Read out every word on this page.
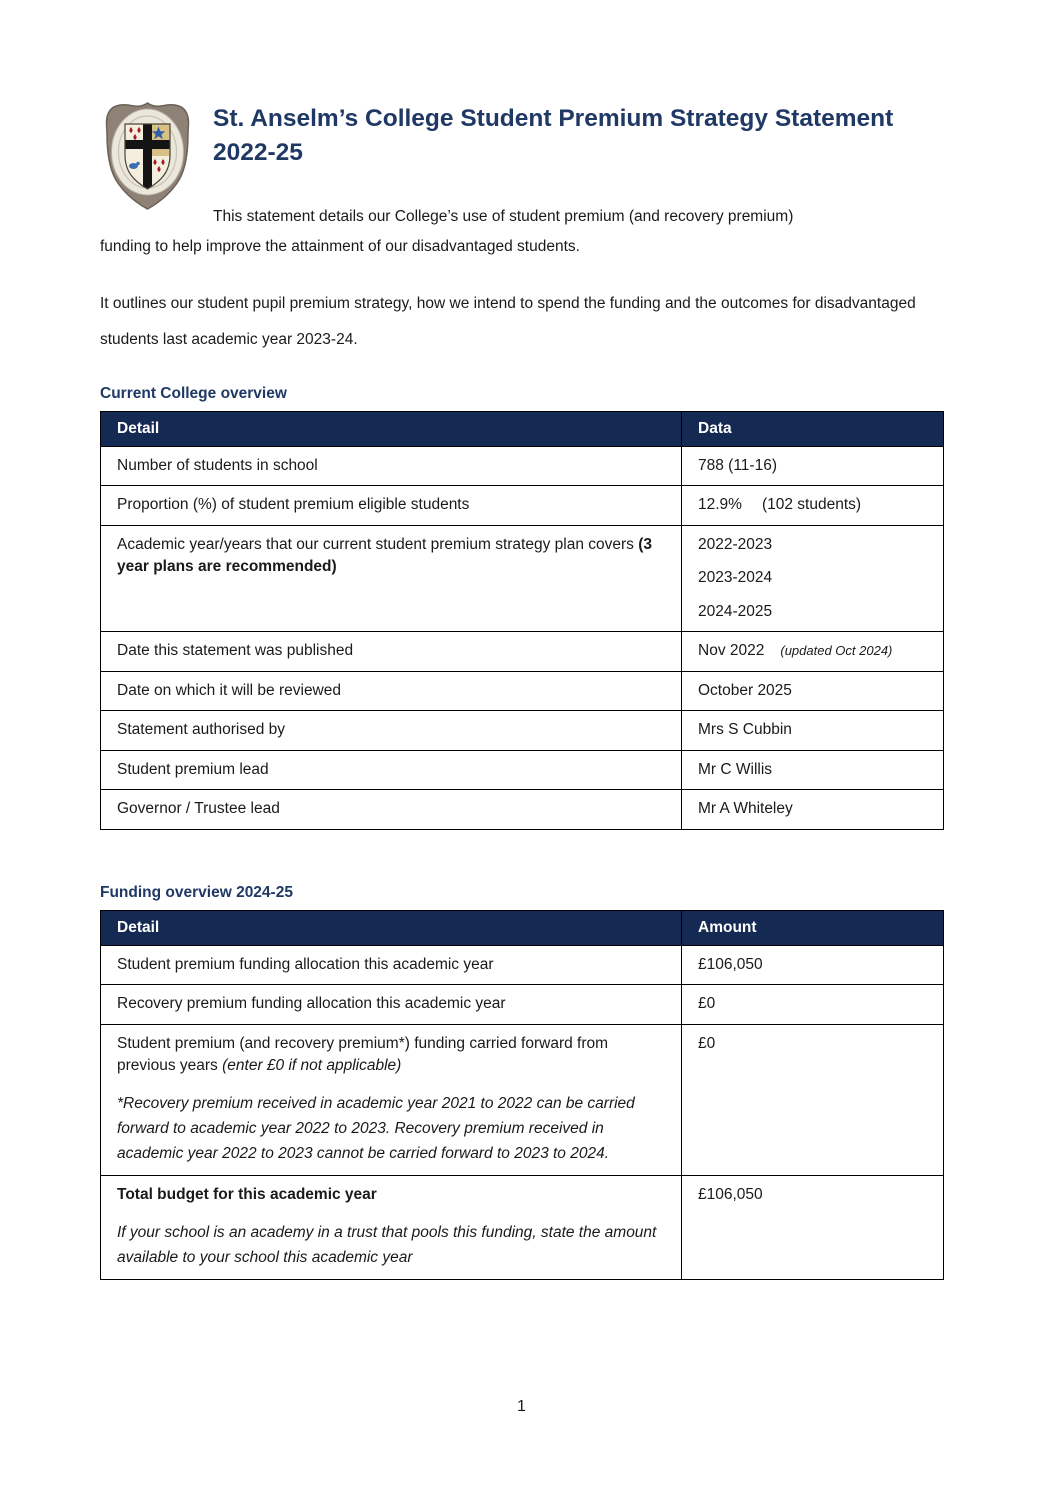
St. Anselm’s College Student Premium Strategy Statement
2022-25

This statement details our College’s use of student premium (and recovery premium)
funding to help improve the attainment of our disadvantaged students.

It outlines our student pupil premium strategy, how we intend to spend the funding and the outcomes for disadvantaged students last academic year 2023-24.

Current College overview
Detail	Data
Number of students in school	788 (11-16)
Proportion (%) of student premium eligible students	12.9% (102 students)
Academic year/years that our current student premium strategy plan covers (3 year plans are recommended)	2022-2023
2023-2024
2024-2025

Date this statement was published	Nov 2022 (updated Oct 2024)
Date on which it will be reviewed	October 2025
Statement authorised by	Mrs S Cubbin
Student premium lead	Mr C Willis
Governor / Trustee lead	Mr A Whiteley
Funding overview 2024-25
Detail	Amount
Student premium funding allocation this academic year	£106,050
Recovery premium funding allocation this academic year	£0

Student premium (and recovery premium*) funding carried forward from previous years (enter £0 if not applicable)
*Recovery premium received in academic year 2021 to 2022 can be carried forward to academic year 2022 to 2023. Recovery premium received in academic year 2022 to 2023 cannot be carried forward to 2023 to 2024.	£0

Total budget for this academic year
If your school is an academy in a trust that pools this funding, state the amount available to your school this academic year	£106,050
1
